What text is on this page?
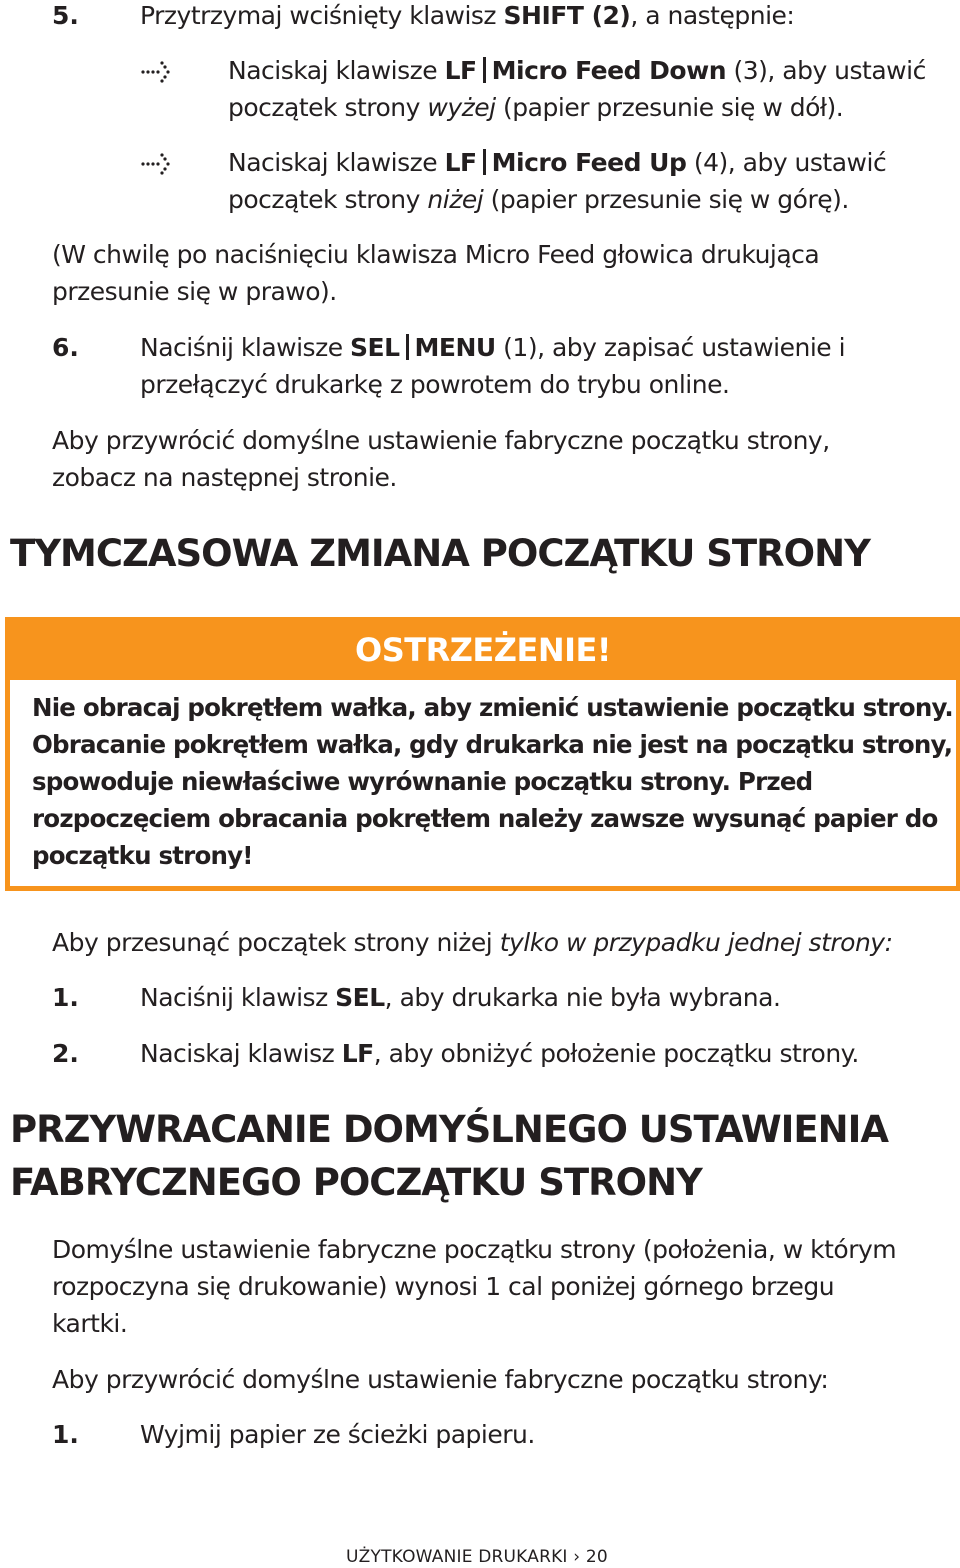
5. Przytrzymaj wciśnięty klawisz SHIFT (2), a następnie:
Naciskaj klawisze LF Micro Feed Down (3), aby ustawić
początek strony wyżej (papier przesunie się w dół).
Naciskaj klawisze LF Micro Feed Up (4), aby ustawić
początek strony niżej (papier przesunie się w górę).
(W chwilę po naciśnięciu klawisza Micro Feed głowica drukująca
przesunie się w prawo).
6. Naciśnij klawisze SEL MENU (1), aby zapisać ustawienie i
przełączyć drukarkę z powrotem do trybu online.
Aby przywrócić domyślne ustawienie fabryczne początku strony,
zobacz na następnej stronie.
TYMCZASOWA ZMIANA POCZĄTKU STRONY
OSTRZEŻENIE!
Nie obracaj pokrętłem wałka, aby zmienić ustawienie początku strony.
Obracanie pokrętłem wałka, gdy drukarka nie jest na początku strony,
spowoduje niewłaściwe wyrównanie początku strony. Przed
rozpoczęciem obracania pokrętłem należy zawsze wysunąć papier do
początku strony!
Aby przesunąć początek strony niżej tylko w przypadku jednej strony:
1. Naciśnij klawisz SEL, aby drukarka nie była wybrana.
2. Naciskaj klawisz LF, aby obniżyć położenie początku strony.
PRZYWRACANIE DOMYŚLNEGO USTAWIENIA
FABRYCZNEGO POCZĄTKU STRONY
Domyślne ustawienie fabryczne początku strony (położenia, w którym
rozpoczyna się drukowanie) wynosi 1 cal poniżej górnego brzegu
kartki.
Aby przywrócić domyślne ustawienie fabryczne początku strony:
1. Wyjmij papier ze ścieżki papieru.
UŻYTKOWANIE DRUKARKI › 20
